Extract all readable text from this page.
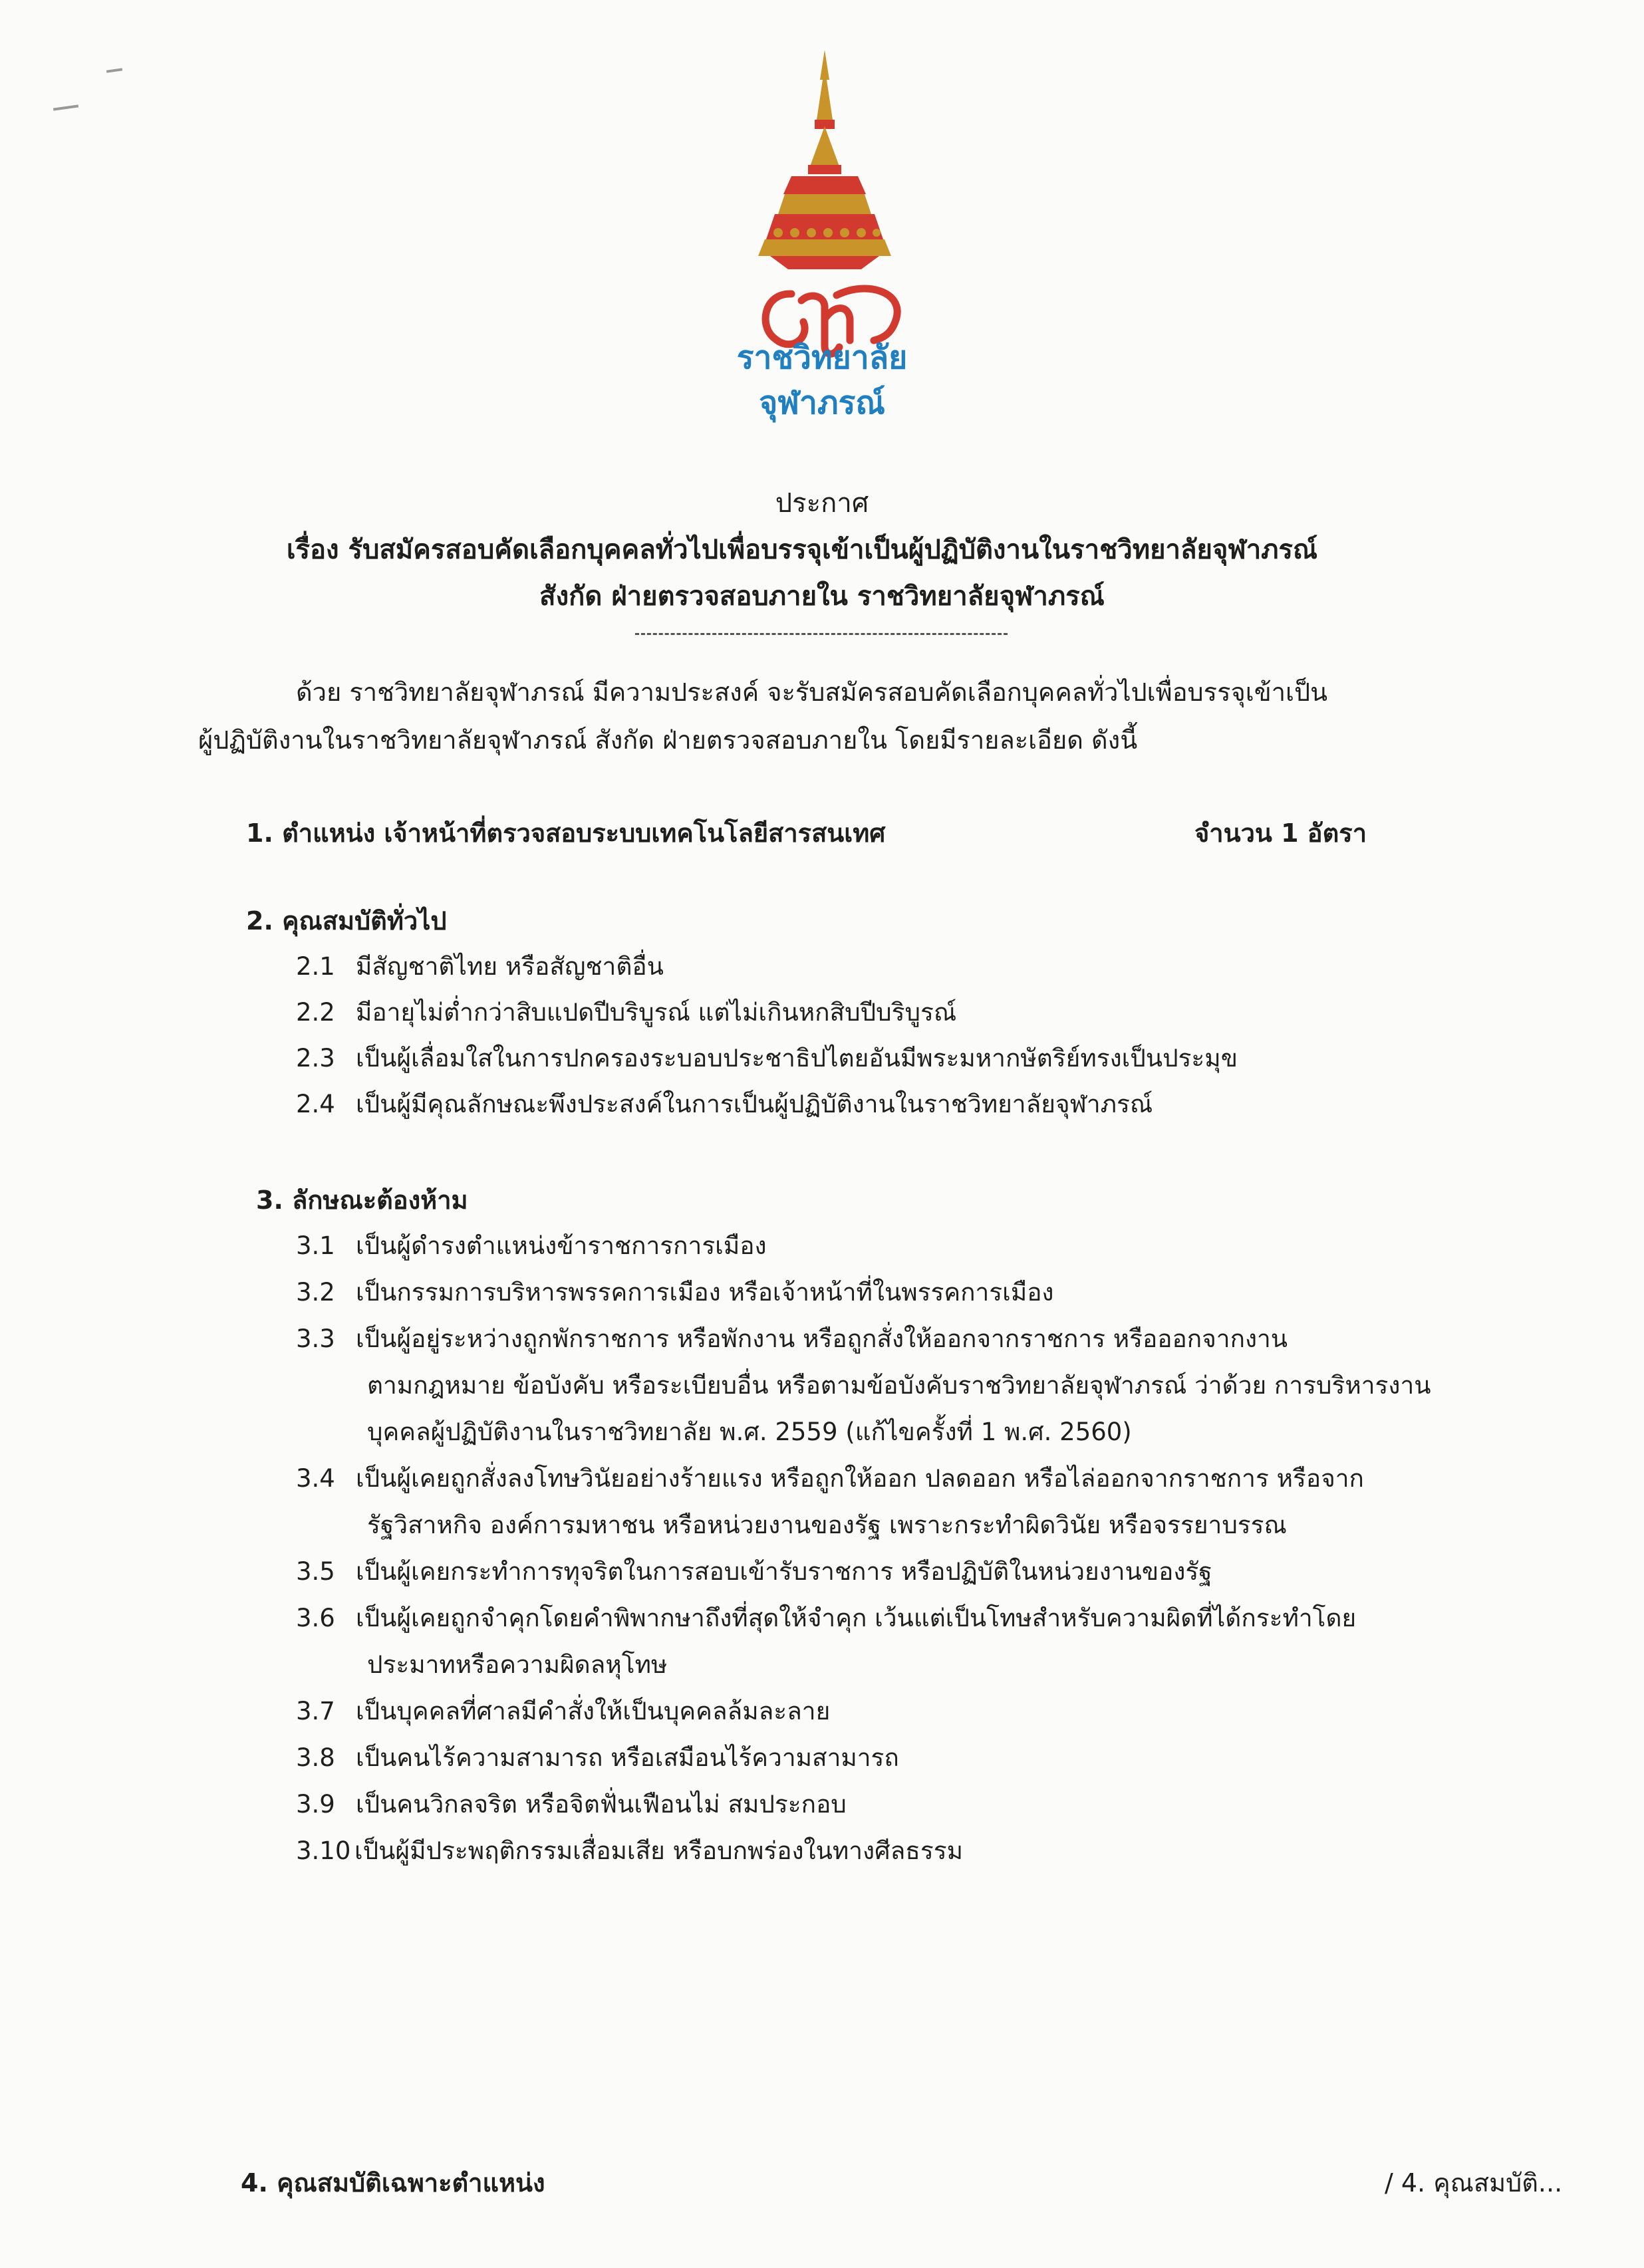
ราชวิทยาลัย
จุฬาภรณ์
ประกาศ
เรื่อง รับสมัครสอบคัดเลือกบุคคลทั่วไปเพื่อบรรจุเข้าเป็นผู้ปฏิบัติงานในราชวิทยาลัยจุฬาภรณ์
สังกัด ฝ่ายตรวจสอบภายใน ราชวิทยาลัยจุฬาภรณ์
ด้วย ราชวิทยาลัยจุฬาภรณ์ มีความประสงค์ จะรับสมัครสอบคัดเลือกบุคคลทั่วไปเพื่อบรรจุเข้าเป็น
ผู้ปฏิบัติงานในราชวิทยาลัยจุฬาภรณ์ สังกัด ฝ่ายตรวจสอบภายใน โดยมีรายละเอียด ดังนี้
1. ตำแหน่ง เจ้าหน้าที่ตรวจสอบระบบเทคโนโลยีสารสนเทศ	จำนวน 1 อัตรา
2. คุณสมบัติทั่วไป
2.1 มีสัญชาติไทย หรือสัญชาติอื่น
2.2 มีอายุไม่ต่ำกว่าสิบแปดปีบริบูรณ์ แต่ไม่เกินหกสิบปีบริบูรณ์
2.3 เป็นผู้เลื่อมใสในการปกครองระบอบประชาธิปไตยอันมีพระมหากษัตริย์ทรงเป็นประมุข
2.4 เป็นผู้มีคุณลักษณะพึงประสงค์ในการเป็นผู้ปฏิบัติงานในราชวิทยาลัยจุฬาภรณ์
3. ลักษณะต้องห้าม
3.1 เป็นผู้ดำรงตำแหน่งข้าราชการการเมือง
3.2 เป็นกรรมการบริหารพรรคการเมือง หรือเจ้าหน้าที่ในพรรคการเมือง
3.3 เป็นผู้อยู่ระหว่างถูกพักราชการ หรือพักงาน หรือถูกสั่งให้ออกจากราชการ หรือออกจากงาน
ตามกฎหมาย ข้อบังคับ หรือระเบียบอื่น หรือตามข้อบังคับราชวิทยาลัยจุฬาภรณ์ ว่าด้วย การบริหารงาน
บุคคลผู้ปฏิบัติงานในราชวิทยาลัย พ.ศ. 2559 (แก้ไขครั้งที่ 1 พ.ศ. 2560)
3.4 เป็นผู้เคยถูกสั่งลงโทษวินัยอย่างร้ายแรง หรือถูกให้ออก ปลดออก หรือไล่ออกจากราชการ หรือจาก
รัฐวิสาหกิจ องค์การมหาชน หรือหน่วยงานของรัฐ เพราะกระทำผิดวินัย หรือจรรยาบรรณ
3.5 เป็นผู้เคยกระทำการทุจริตในการสอบเข้ารับราชการ หรือปฏิบัติในหน่วยงานของรัฐ
3.6 เป็นผู้เคยถูกจำคุกโดยคำพิพากษาถึงที่สุดให้จำคุก เว้นแต่เป็นโทษสำหรับความผิดที่ได้กระทำโดย
ประมาทหรือความผิดลหุโทษ
3.7 เป็นบุคคลที่ศาลมีคำสั่งให้เป็นบุคคลล้มละลาย
3.8 เป็นคนไร้ความสามารถ หรือเสมือนไร้ความสามารถ
3.9 เป็นคนวิกลจริต หรือจิตฟั่นเฟือนไม่ สมประกอบ
3.10 เป็นผู้มีประพฤติกรรมเสื่อมเสีย หรือบกพร่องในทางศีลธรรม
4. คุณสมบัติเฉพาะตำแหน่ง	/ 4. คุณสมบัติ...
